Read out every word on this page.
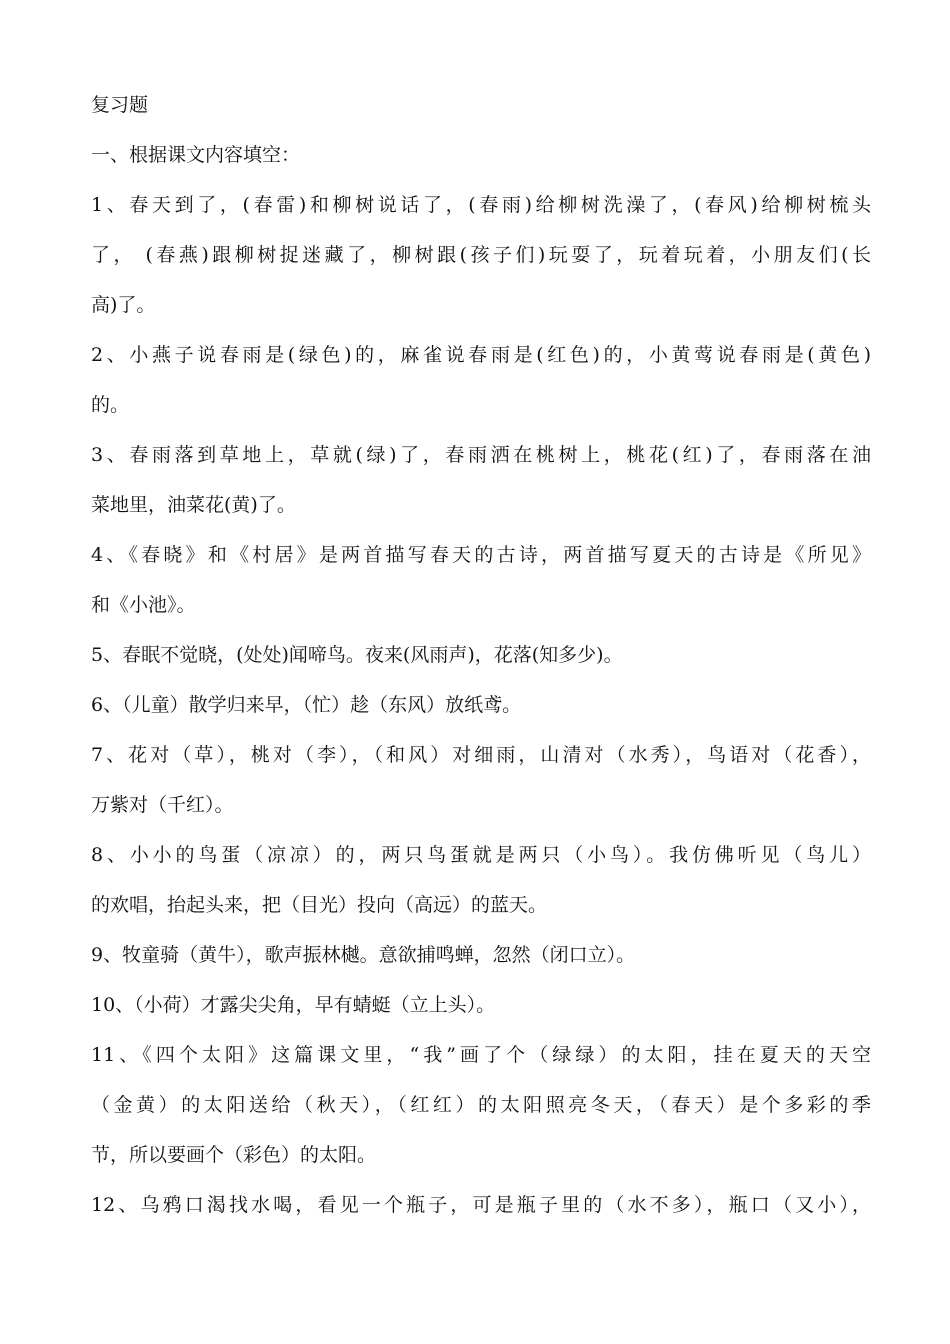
复习题
一、根据课文内容填空：
1、春天到了，(春雷)和柳树说话了，(春雨)给柳树洗澡了，(春风)给柳树梳头
了， (春燕)跟柳树捉迷藏了，柳树跟(孩子们)玩耍了，玩着玩着，小朋友们(长
高)了。
2、小燕子说春雨是(绿色)的，麻雀说春雨是(红色)的，小黄莺说春雨是(黄色)
的。
3、春雨落到草地上，草就(绿)了，春雨洒在桃树上，桃花(红)了，春雨落在油
菜地里，油菜花(黄)了。
4、《春晓》和《村居》是两首描写春天的古诗，两首描写夏天的古诗是《所见》
和《小池》。
5、春眠不觉晓，(处处)闻啼鸟。夜来(风雨声)，花落(知多少)。
6、（儿童）散学归来早，（忙）趁（东风）放纸鸢。
7、花对（草），桃对（李），（和风）对细雨，山清对（水秀），鸟语对（花香），
万紫对（千红）。
8、小小的鸟蛋（凉凉）的，两只鸟蛋就是两只（小鸟）。我仿佛听见（鸟儿）
的欢唱，抬起头来，把（目光）投向（高远）的蓝天。
9、牧童骑（黄牛），歌声振林樾。意欲捕鸣蝉，忽然（闭口立）。
10、（小荷）才露尖尖角，早有蜻蜓（立上头）。
11、《四个太阳》这篇课文里，“我”画了个（绿绿）的太阳，挂在夏天的天空
（金黄）的太阳送给（秋天），（红红）的太阳照亮冬天，（春天）是个多彩的季
节，所以要画个（彩色）的太阳。
12、乌鸦口渴找水喝，看见一个瓶子，可是瓶子里的（水不多），瓶口（又小），
